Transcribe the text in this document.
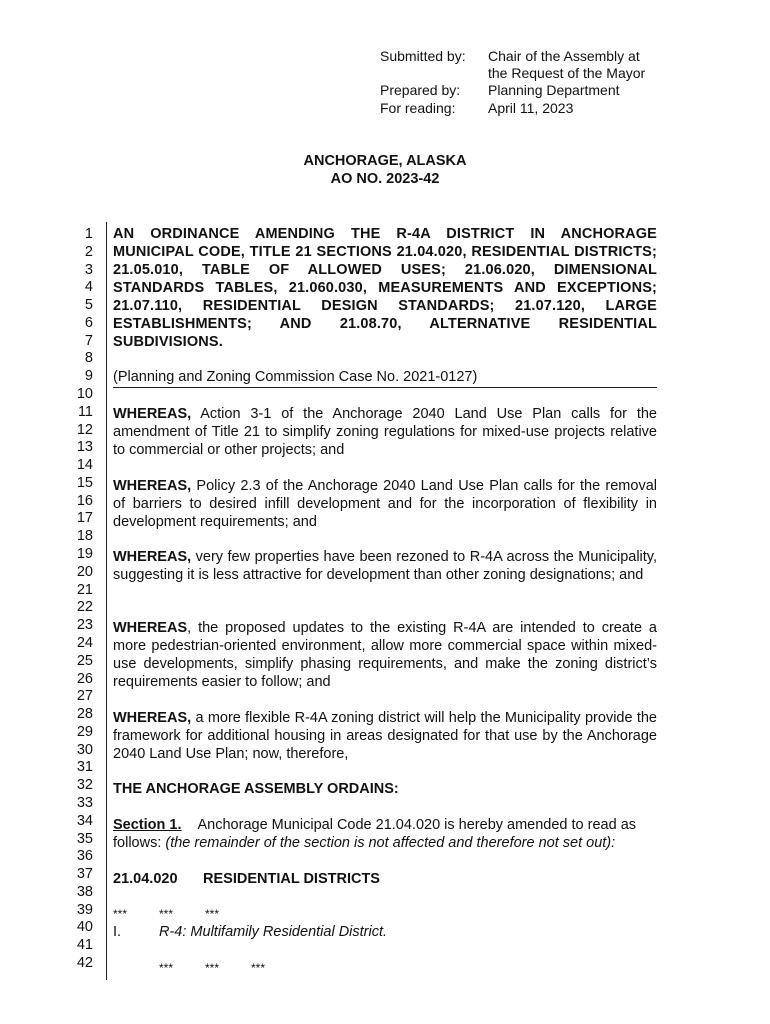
Submitted by: Chair of the Assembly at
the Request of the Mayor
Prepared by: Planning Department
For reading: April 11, 2023
ANCHORAGE, ALASKA
AO NO. 2023-42
1
2
3
4
5
6
7
8
9
10
11
12
13
14
15
16
17
18
19
20
21
22
23
24
25
26
27
28
29
30
31
32
33
34
35
36
37
38
39
40
41
42
AN ORDINANCE AMENDING THE R-4A DISTRICT IN ANCHORAGE MUNICIPAL CODE, TITLE 21 SECTIONS 21.04.020, RESIDENTIAL DISTRICTS; 21.05.010, TABLE OF ALLOWED USES; 21.06.020, DIMENSIONAL STANDARDS TABLES, 21.060.030, MEASUREMENTS AND EXCEPTIONS; 21.07.110, RESIDENTIAL DESIGN STANDARDS; 21.07.120, LARGE ESTABLISHMENTS; AND 21.08.70, ALTERNATIVE RESIDENTIAL SUBDIVISIONS.
(Planning and Zoning Commission Case No. 2021-0127)
WHEREAS, Action 3-1 of the Anchorage 2040 Land Use Plan calls for the amendment of Title 21 to simplify zoning regulations for mixed-use projects relative to commercial or other projects; and
WHEREAS, Policy 2.3 of the Anchorage 2040 Land Use Plan calls for the removal of barriers to desired infill development and for the incorporation of flexibility in development requirements; and
WHEREAS, very few properties have been rezoned to R-4A across the Municipality, suggesting it is less attractive for development than other zoning designations; and
WHEREAS, the proposed updates to the existing R-4A are intended to create a more pedestrian-oriented environment, allow more commercial space within mixed-use developments, simplify phasing requirements, and make the zoning district’s requirements easier to follow; and
WHEREAS, a more flexible R-4A zoning district will help the Municipality provide the framework for additional housing in areas designated for that use by the Anchorage 2040 Land Use Plan; now, therefore,
THE ANCHORAGE ASSEMBLY ORDAINS:
Section 1. Anchorage Municipal Code 21.04.020 is hereby amended to read as follows: (the remainder of the section is not affected and therefore not set out):
21.04.020 RESIDENTIAL DISTRICTS
***	***	***
I.	R-4: Multifamily Residential District.
***	***	***
